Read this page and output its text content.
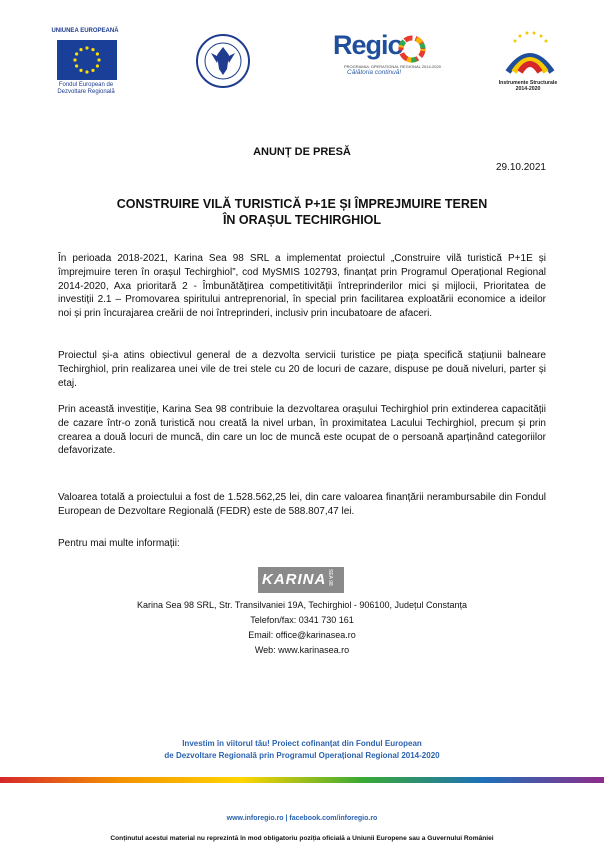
UNIUNEA EUROPEANĂ
Fondul European de
Dezvoltare Regională
Regio
PROGRAMUL OPERAȚIONAL REGIONAL 2014-2020
Călătoria continuă!
Instrumente Structurale
2014-2020
ANUNȚ DE PRESĂ
29.10.2021
CONSTRUIRE VILĂ TURISTICĂ P+1E ȘI ÎMPREJMUIRE TEREN
ÎN ORAȘUL TECHIRGHIOL
În perioada 2018-2021, Karina Sea 98 SRL a implementat proiectul „Construire vilă turistică P+1E și împrejmuire teren în orașul Techirghiol”, cod MySMIS 102793, finanțat prin Programul Operațional Regional 2014-2020, Axa prioritară 2 - Îmbunătățirea competitivității întreprinderilor mici și mijlocii, Prioritatea de investiții 2.1 – Promovarea spiritului antreprenorial, în special prin facilitarea exploatării economice a ideilor noi și prin încurajarea creării de noi întreprinderi, inclusiv prin incubatoare de afaceri.
Proiectul și-a atins obiectivul general de a dezvolta servicii turistice pe piața specifică stațiunii balneare Techirghiol, prin realizarea unei vile de trei stele cu 20 de locuri de cazare, dispuse pe două niveluri, parter și etaj.
Prin această investiție, Karina Sea 98 contribuie la dezvoltarea orașului Techirghiol prin extinderea capacității de cazare într-o zonă turistică nou creată la nivel urban, în proximitatea Lacului Techirghiol, precum și prin crearea a două locuri de muncă, din care un loc de muncă este ocupat de o persoană aparținând categoriilor defavorizate.
Valoarea totală a proiectului a fost de 1.528.562,25 lei, din care valoarea finanțării nerambursabile din Fondul European de Dezvoltare Regională (FEDR) este de 588.807,47 lei.
Pentru mai multe informații:
KARINA SEA 98
Karina Sea 98 SRL, Str. Transilvaniei 19A, Techirghiol - 906100, Județul Constanța
Telefon/fax: 0341 730 161
Email: office@karinasea.ro
Web: www.karinasea.ro
Investim în viitorul tău! Proiect cofinanțat din Fondul European
de Dezvoltare Regională prin Programul Operațional Regional 2014-2020
www.inforegio.ro | facebook.com/inforegio.ro
Conținutul acestui material nu reprezintă în mod obligatoriu poziția oficială a Uniunii Europene sau a Guvernului României
